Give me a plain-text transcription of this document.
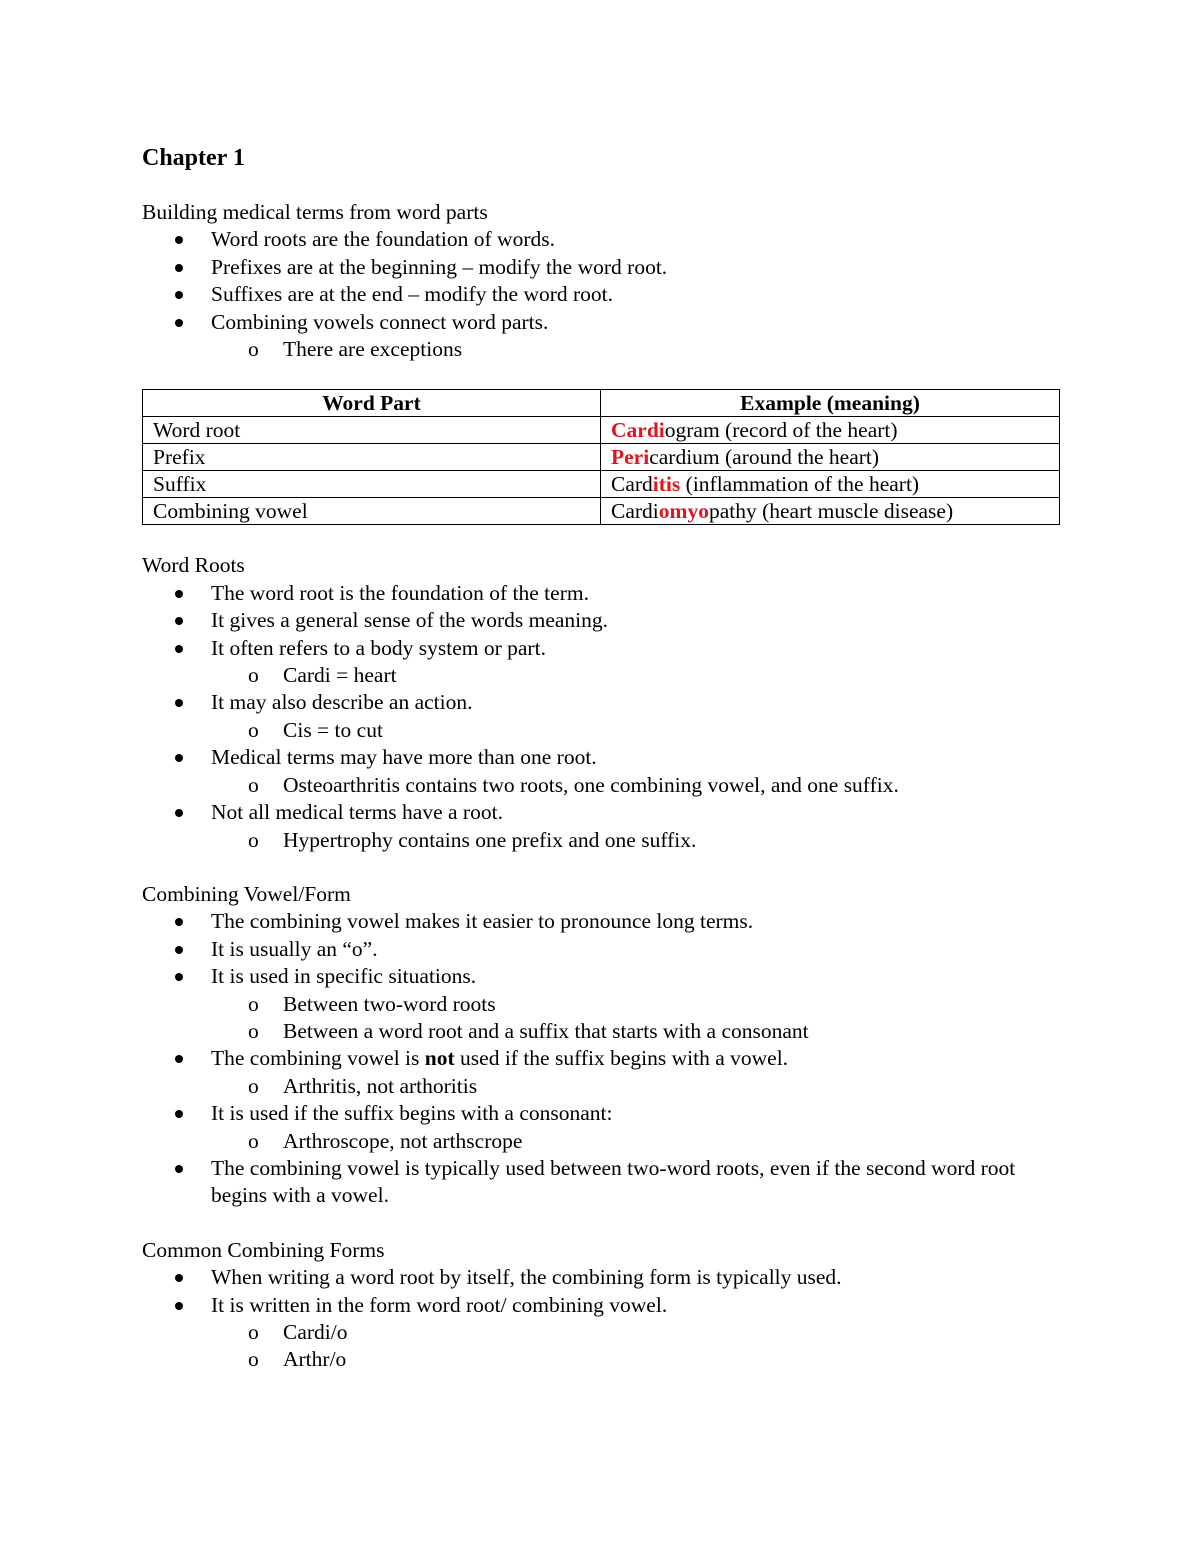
Chapter 1
Building medical terms from word parts
Word roots are the foundation of words.
Prefixes are at the beginning – modify the word root.
Suffixes are at the end – modify the word root.
Combining vowels connect word parts.
o There are exceptions
Word Part	Example (meaning)
Word root	Cardiogram (record of the heart)
Prefix	Pericardium (around the heart)
Suffix	Carditis (inflammation of the heart)
Combining vowel	Cardiomyopathy (heart muscle disease)
Word Roots
The word root is the foundation of the term.
It gives a general sense of the words meaning.
It often refers to a body system or part.
o Cardi = heart
It may also describe an action.
o Cis = to cut
Medical terms may have more than one root.
o Osteoarthritis contains two roots, one combining vowel, and one suffix.
Not all medical terms have a root.
o Hypertrophy contains one prefix and one suffix.
Combining Vowel/Form
The combining vowel makes it easier to pronounce long terms.
It is usually an “o”.
It is used in specific situations.
o Between two-word roots
o Between a word root and a suffix that starts with a consonant
The combining vowel is not used if the suffix begins with a vowel.
o Arthritis, not arthoritis
It is used if the suffix begins with a consonant:
o Arthroscope, not arthscrope
The combining vowel is typically used between two-word roots, even if the second word root begins with a vowel.
Common Combining Forms
When writing a word root by itself, the combining form is typically used.
It is written in the form word root/ combining vowel.
o Cardi/o
o Arthr/o
